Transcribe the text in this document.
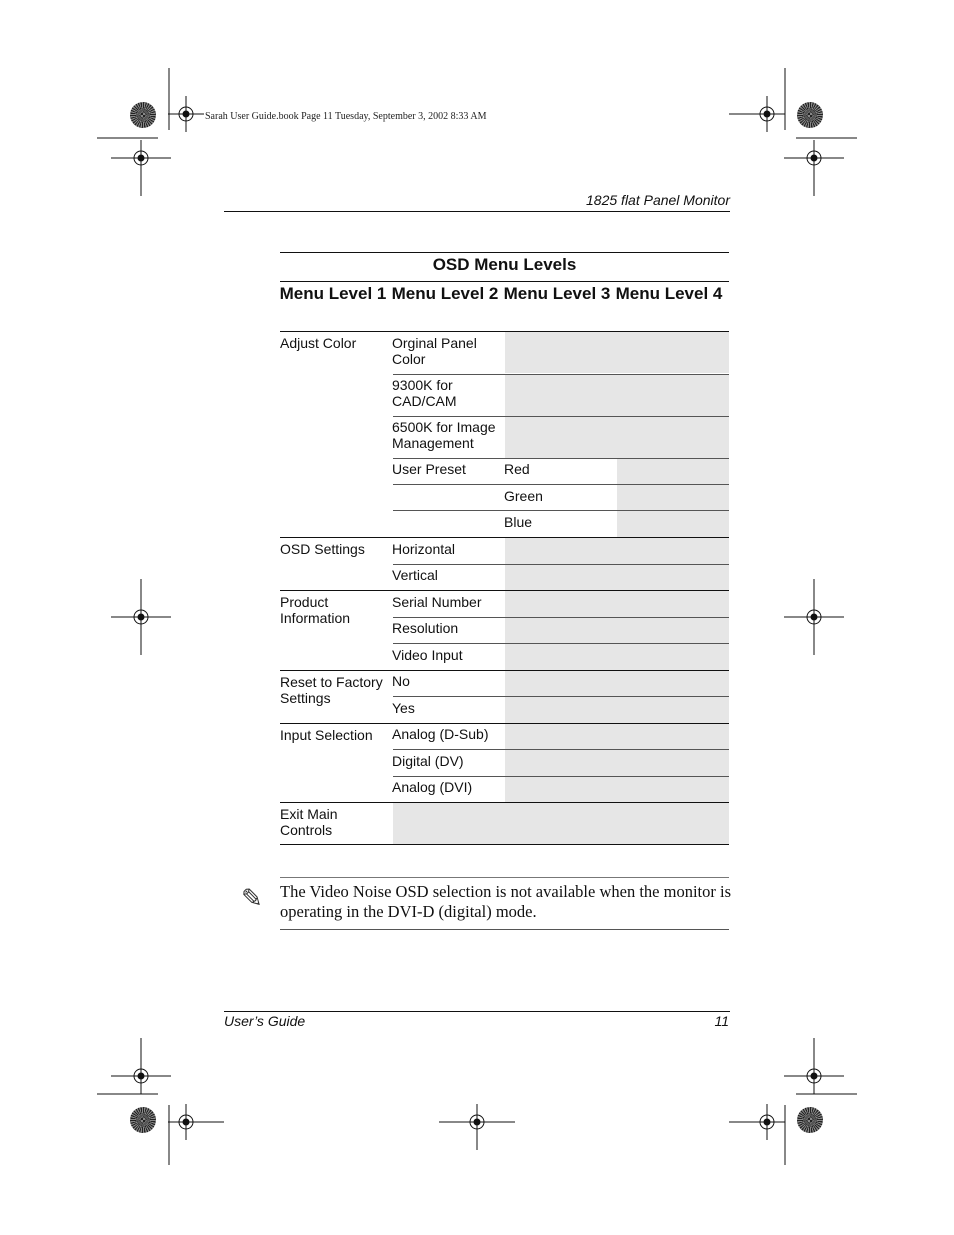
Sarah User Guide.book Page 11 Tuesday, September 3, 2002 8:33 AM
1825 flat Panel Monitor
OSD Menu Levels
Menu Level 1 Menu Level 2 Menu Level 3 Menu Level 4
Adjust Color
OSD Settings
Product Information
Reset to Factory Settings
Input Selection
Exit Main Controls
Orginal Panel Color
9300K for CAD/CAM
6500K for Image Management
User Preset
Horizontal
Vertical
Serial Number
Resolution
Video Input
No
Yes
Analog (D-Sub)
Digital (DV)
Analog (DVI)
Red
Green
Blue
✎ The Video Noise OSD selection is not available when the monitor is operating in the DVI-D (digital) mode.
User’s Guide	11
